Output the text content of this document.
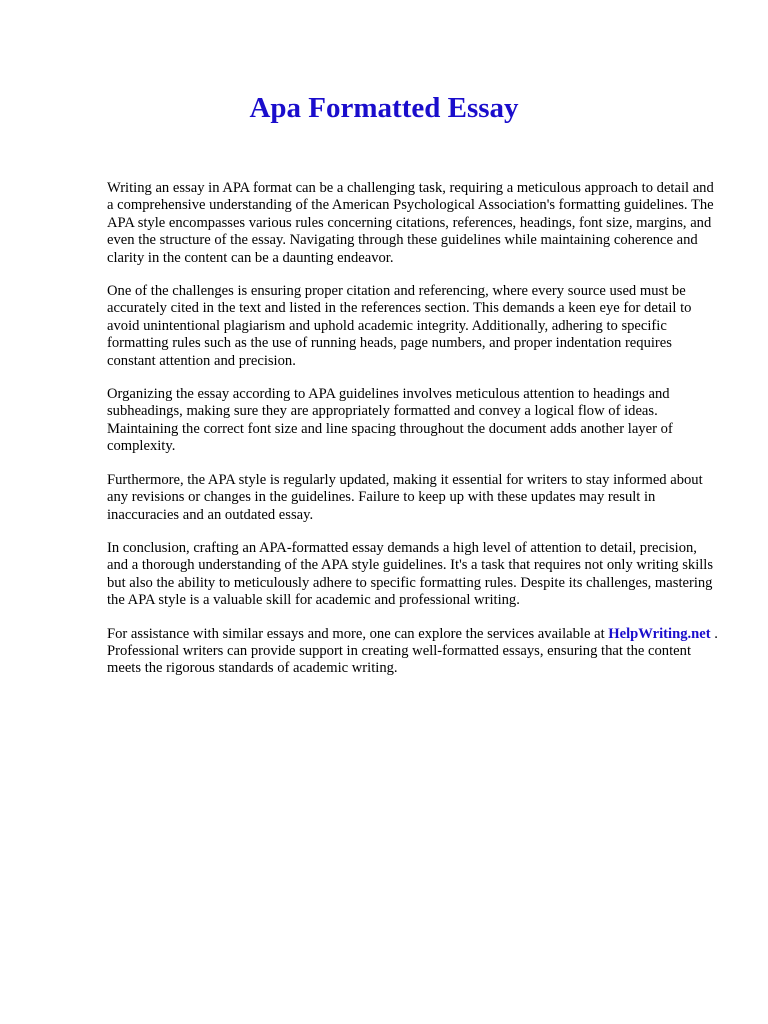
Apa Formatted Essay

Writing an essay in APA format can be a challenging task, requiring a meticulous approach to detail and a comprehensive understanding of the American Psychological Association's formatting guidelines. The APA style encompasses various rules concerning citations, references, headings, font size, margins, and even the structure of the essay. Navigating through these guidelines while maintaining coherence and clarity in the content can be a daunting endeavor.

One of the challenges is ensuring proper citation and referencing, where every source used must be accurately cited in the text and listed in the references section. This demands a keen eye for detail to avoid unintentional plagiarism and uphold academic integrity. Additionally, adhering to specific formatting rules such as the use of running heads, page numbers, and proper indentation requires constant attention and precision.

Organizing the essay according to APA guidelines involves meticulous attention to headings and subheadings, making sure they are appropriately formatted and convey a logical flow of ideas. Maintaining the correct font size and line spacing throughout the document adds another layer of complexity.

Furthermore, the APA style is regularly updated, making it essential for writers to stay informed about any revisions or changes in the guidelines. Failure to keep up with these updates may result in inaccuracies and an outdated essay.

In conclusion, crafting an APA-formatted essay demands a high level of attention to detail, precision, and a thorough understanding of the APA style guidelines. It's a task that requires not only writing skills but also the ability to meticulously adhere to specific formatting rules. Despite its challenges, mastering the APA style is a valuable skill for academic and professional writing.

For assistance with similar essays and more, one can explore the services available at HelpWriting.net . Professional writers can provide support in creating well-formatted essays, ensuring that the content meets the rigorous standards of academic writing.
